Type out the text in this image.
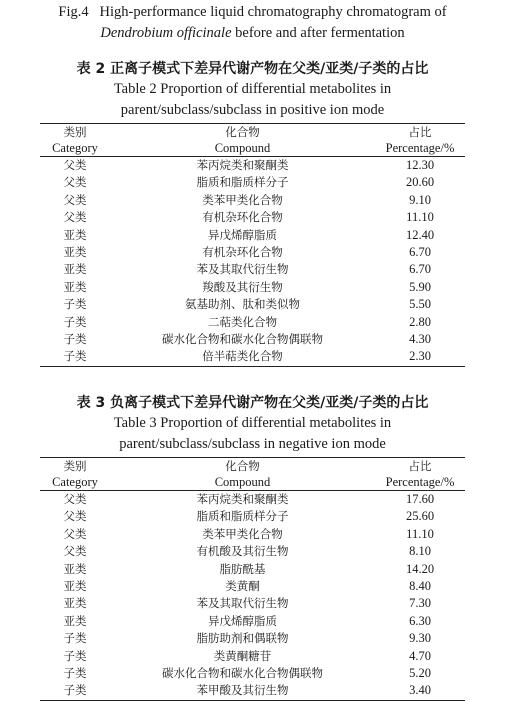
Fig.4 High-performance liquid chromatography chromatogram of
Dendrobium officinale before and after fermentation
表 2 正离子模式下差异代谢产物在父类/亚类/子类的占比
Table 2 Proportion of differential metabolites in
parent/subclass/subclass in positive ion mode
类别	化合物	占比
Category	Compound	Percentage/%
父类	苯丙烷类和聚酮类	12.30
父类	脂质和脂质样分子	20.60
父类	类苯甲类化合物	9.10
父类	有机杂环化合物	11.10
亚类	异戊烯醇脂质	12.40
亚类	有机杂环化合物	6.70
亚类	苯及其取代衍生物	6.70
亚类	羧酸及其衍生物	5.90
子类	氨基助剂、肽和类似物	5.50
子类	二萜类化合物	2.80
子类	碳水化合物和碳水化合物偶联物	4.30
子类	倍半萜类化合物	2.30
表 3 负离子模式下差异代谢产物在父类/亚类/子类的占比
Table 3 Proportion of differential metabolites in
parent/subclass/subclass in negative ion mode
类别	化合物	占比
Category	Compound	Percentage/%
父类	苯丙烷类和聚酮类	17.60
父类	脂质和脂质样分子	25.60
父类	类苯甲类化合物	11.10
父类	有机酸及其衍生物	8.10
亚类	脂肪酰基	14.20
亚类	类黄酮	8.40
亚类	苯及其取代衍生物	7.30
亚类	异戊烯醇脂质	6.30
子类	脂肪助剂和偶联物	9.30
子类	类黄酮糖苷	4.70
子类	碳水化合物和碳水化合物偶联物	5.20
子类	苯甲酸及其衍生物	3.40
